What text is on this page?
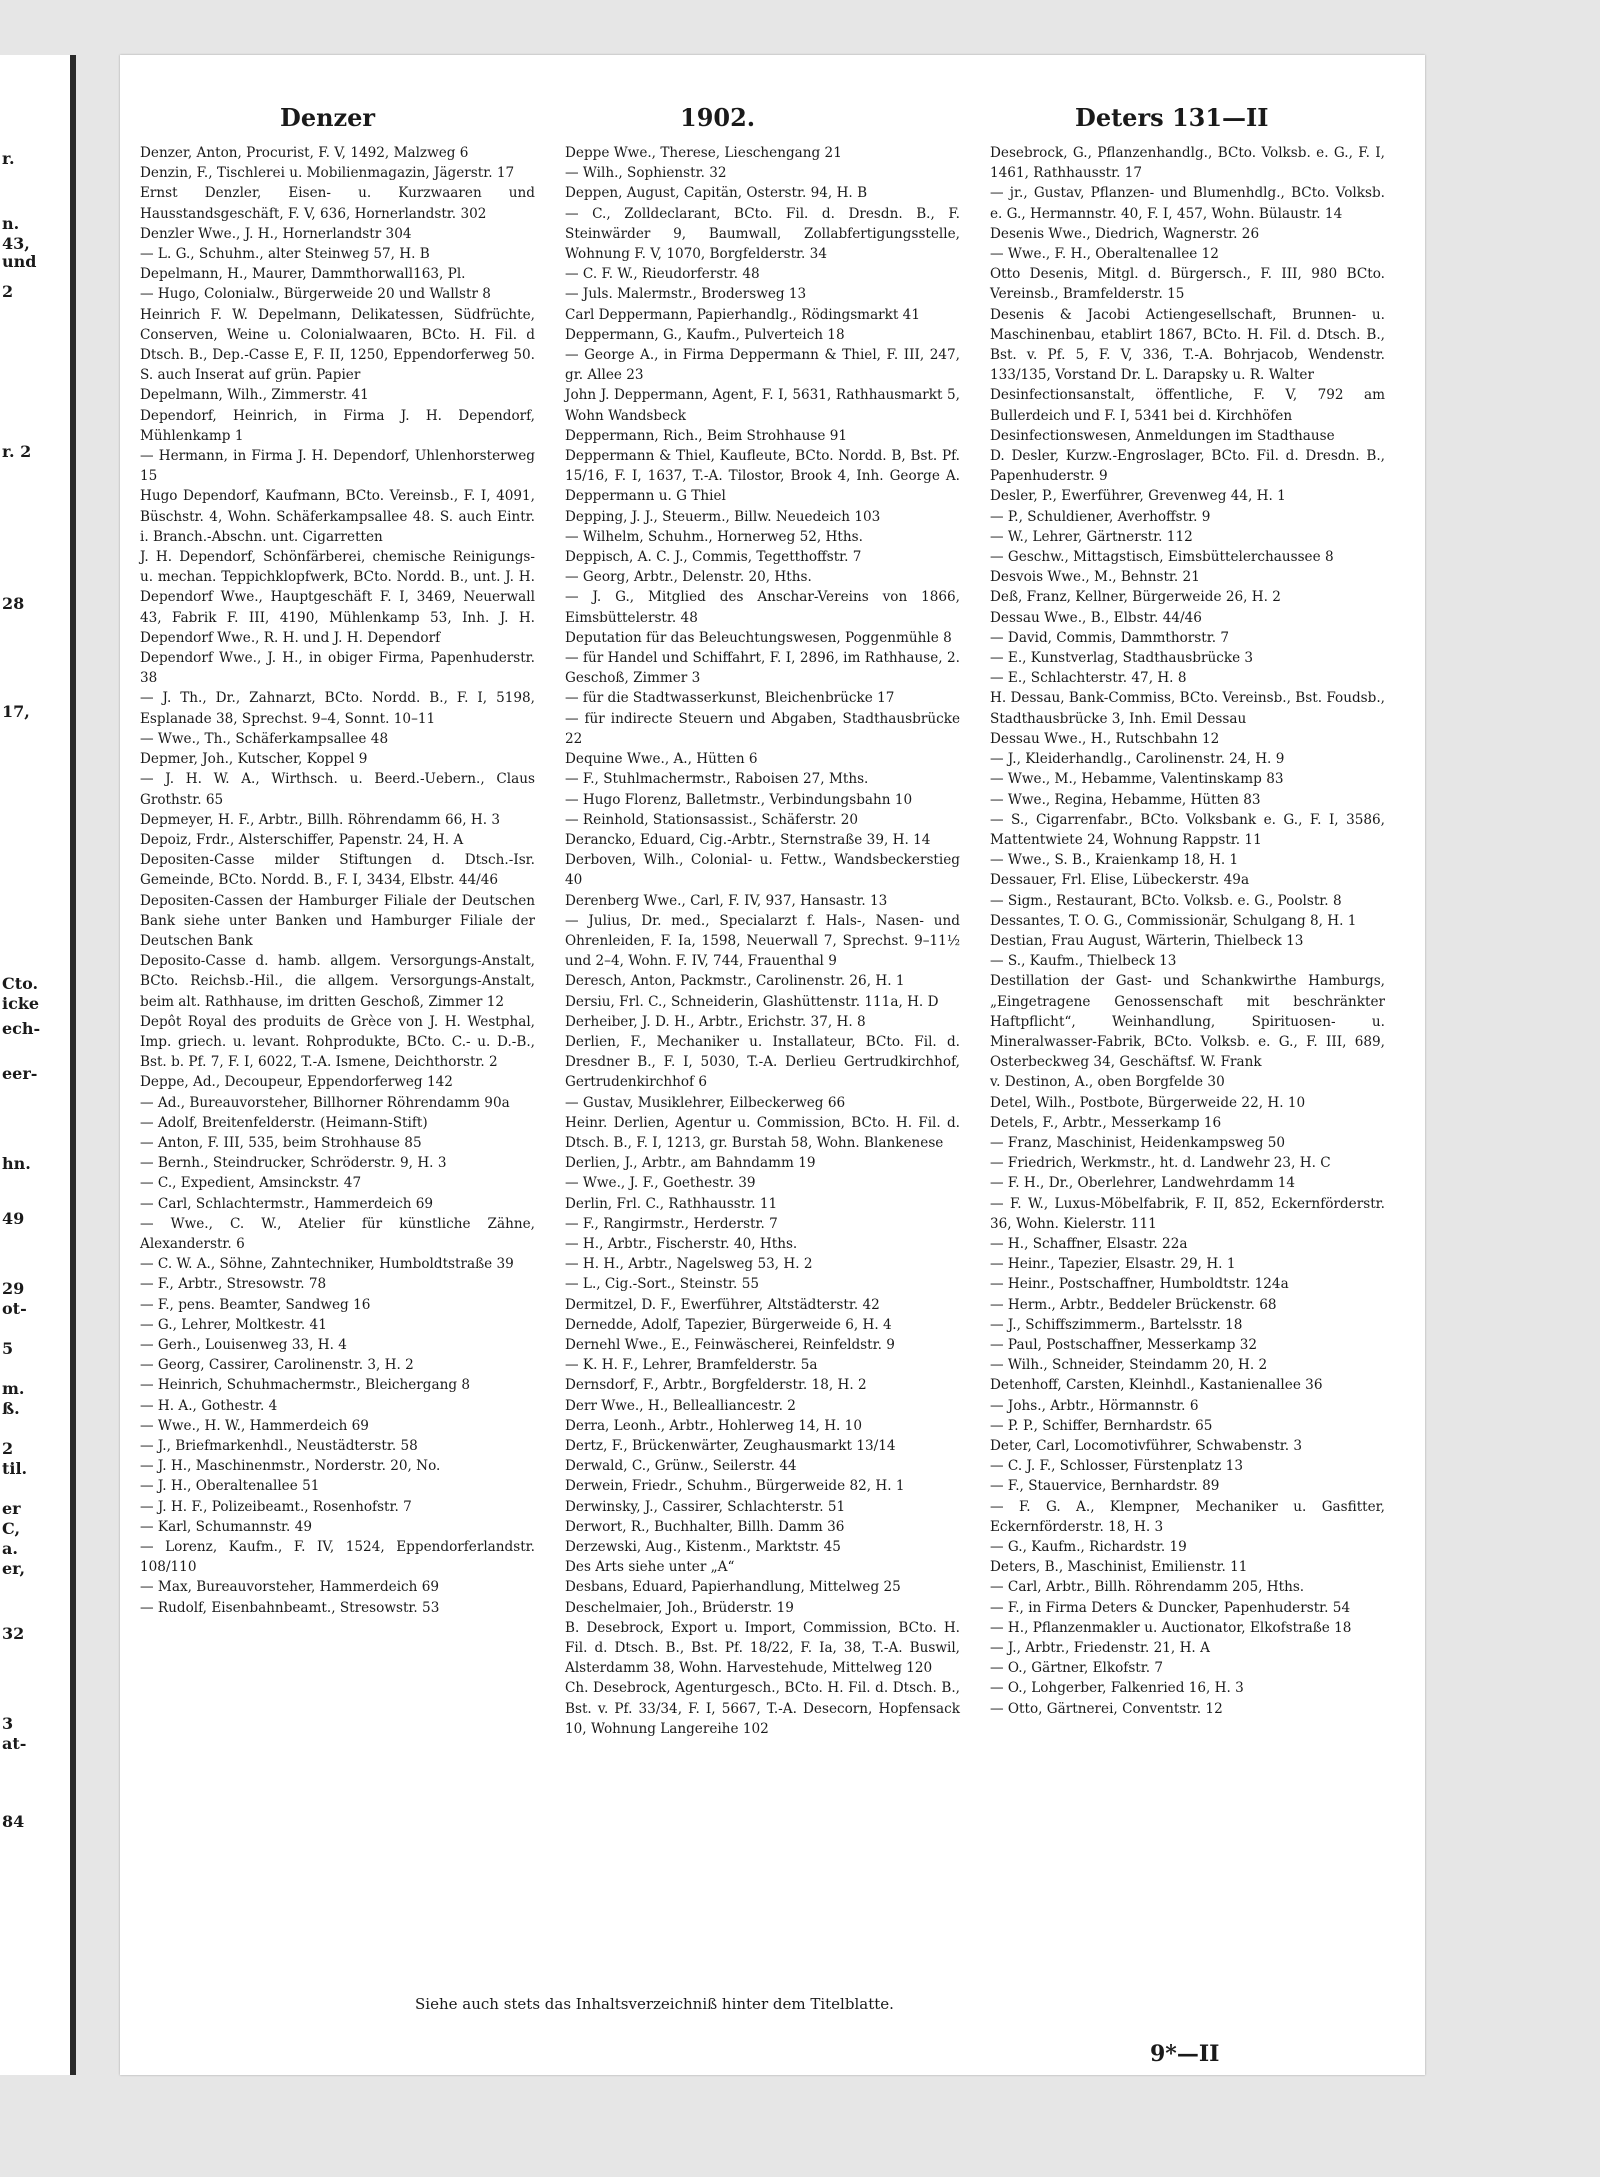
r.
n.
43,
und
2
r. 2
28
17,
Cto.
icke
ech-
eer-
hn.
49
29
ot-
5
m.
ß.
2
til.
er
C,
a.
er,
32
3
at-
84
Denzer	1902.	Deters 131—II

Denzer, Anton, Procurist, F. V, 1492, Malzweg 6

Denzin, F., Tischlerei u. Mobilienmagazin, Jägerstr. 17

Ernst Denzler, Eisen- u. Kurzwaaren und Hausstandsgeschäft, F. V, 636, Hornerlandstr. 302

Denzler Wwe., J. H., Hornerlandstr 304

— L. G., Schuhm., alter Steinweg 57, H. B

Depelmann, H., Maurer, Dammthorwall163, Pl.

— Hugo, Colonialw., Bürgerweide 20 und Wallstr 8

Heinrich F. W. Depelmann, Delikatessen, Südfrüchte, Conserven, Weine u. Colonialwaaren, BCto. H. Fil. d Dtsch. B., Dep.-Casse E, F. II, 1250, Eppendorferweg 50. S. auch Inserat auf grün. Papier

Depelmann, Wilh., Zimmerstr. 41

Dependorf, Heinrich, in Firma J. H. Dependorf, Mühlenkamp 1

— Hermann, in Firma J. H. Dependorf, Uhlenhorsterweg 15

Hugo Dependorf, Kaufmann, BCto. Vereinsb., F. I, 4091, Büschstr. 4, Wohn. Schäferkampsallee 48. S. auch Eintr. i. Branch.-Abschn. unt. Cigarretten

J. H. Dependorf, Schönfärberei, chemische Reinigungs- u. mechan. Teppichklopfwerk, BCto. Nordd. B., unt. J. H. Dependorf Wwe., Hauptgeschäft F. I, 3469, Neuerwall 43, Fabrik F. III, 4190, Mühlenkamp 53, Inh. J. H. Dependorf Wwe., R. H. und J. H. Dependorf

Dependorf Wwe., J. H., in obiger Firma, Papenhuderstr. 38

— J. Th., Dr., Zahnarzt, BCto. Nordd. B., F. I, 5198, Esplanade 38, Sprechst. 9–4, Sonnt. 10–11

— Wwe., Th., Schäferkampsallee 48

Depmer, Joh., Kutscher, Koppel 9

— J. H. W. A., Wirthsch. u. Beerd.-Uebern., Claus Grothstr. 65

Depmeyer, H. F., Arbtr., Billh. Röhrendamm 66, H. 3

Depoiz, Frdr., Alsterschiffer, Papenstr. 24, H. A

Depositen-Casse milder Stiftungen d. Dtsch.-Isr. Gemeinde, BCto. Nordd. B., F. I, 3434, Elbstr. 44/46

Depositen-Cassen der Hamburger Filiale der Deutschen Bank siehe unter Banken und Hamburger Filiale der Deutschen Bank

Deposito-Casse d. hamb. allgem. Versorgungs-Anstalt, BCto. Reichsb.-Hil., die allgem. Versorgungs-Anstalt, beim alt. Rathhause, im dritten Geschoß, Zimmer 12

Depôt Royal des produits de Grèce von J. H. Westphal, Imp. griech. u. levant. Rohprodukte, BCto. C.- u. D.-B., Bst. b. Pf. 7, F. I, 6022, T.-A. Ismene, Deichthorstr. 2

Deppe, Ad., Decoupeur, Eppendorferweg 142

— Ad., Bureauvorsteher, Billhorner Röhrendamm 90a

— Adolf, Breitenfelderstr. (Heimann-Stift)

— Anton, F. III, 535, beim Strohhause 85

— Bernh., Steindrucker, Schröderstr. 9, H. 3

— C., Expedient, Amsinckstr. 47

— Carl, Schlachtermstr., Hammerdeich 69

— Wwe., C. W., Atelier für künstliche Zähne, Alexanderstr. 6

— C. W. A., Söhne, Zahntechniker, Humboldtstraße 39

— F., Arbtr., Stresowstr. 78

— F., pens. Beamter, Sandweg 16

— G., Lehrer, Moltkestr. 41

— Gerh., Louisenweg 33, H. 4

— Georg, Cassirer, Carolinenstr. 3, H. 2

— Heinrich, Schuhmachermstr., Bleichergang 8

— H. A., Gothestr. 4

— Wwe., H. W., Hammerdeich 69

— J., Briefmarkenhdl., Neustädterstr. 58

— J. H., Maschinenmstr., Norderstr. 20, No.

— J. H., Oberaltenallee 51

— J. H. F., Polizeibeamt., Rosenhofstr. 7

— Karl, Schumannstr. 49

— Lorenz, Kaufm., F. IV, 1524, Eppendorferlandstr. 108/110

— Max, Bureauvorsteher, Hammerdeich 69

— Rudolf, Eisenbahnbeamt., Stresowstr. 53

Deppe Wwe., Therese, Lieschengang 21

— Wilh., Sophienstr. 32

Deppen, August, Capitän, Osterstr. 94, H. B

— C., Zolldeclarant, BCto. Fil. d. Dresdn. B., F. Steinwärder 9, Baumwall, Zollabfertigungsstelle, Wohnung F. V, 1070, Borgfelderstr. 34

— C. F. W., Rieudorferstr. 48

— Juls. Malermstr., Brodersweg 13

Carl Deppermann, Papierhandlg., Rödingsmarkt 41

Deppermann, G., Kaufm., Pulverteich 18

— George A., in Firma Deppermann & Thiel, F. III, 247, gr. Allee 23

John J. Deppermann, Agent, F. I, 5631, Rathhausmarkt 5, Wohn Wandsbeck

Deppermann, Rich., Beim Strohhause 91

Deppermann & Thiel, Kaufleute, BCto. Nordd. B, Bst. Pf. 15/16, F. I, 1637, T.-A. Tilostor, Brook 4, Inh. George A. Deppermann u. G Thiel

Depping, J. J., Steuerm., Billw. Neuedeich 103

— Wilhelm, Schuhm., Hornerweg 52, Hths.

Deppisch, A. C. J., Commis, Tegetthoffstr. 7

— Georg, Arbtr., Delenstr. 20, Hths.

— J. G., Mitglied des Anschar-Vereins von 1866, Eimsbüttelerstr. 48

Deputation für das Beleuchtungswesen, Poggenmühle 8

— für Handel und Schiffahrt, F. I, 2896, im Rathhause, 2. Geschoß, Zimmer 3

— für die Stadtwasserkunst, Bleichenbrücke 17

— für indirecte Steuern und Abgaben, Stadthausbrücke 22

Dequine Wwe., A., Hütten 6

— F., Stuhlmachermstr., Raboisen 27, Mths.

— Hugo Florenz, Balletmstr., Verbindungsbahn 10

— Reinhold, Stationsassist., Schäferstr. 20

Derancko, Eduard, Cig.-Arbtr., Sternstraße 39, H. 14

Derboven, Wilh., Colonial- u. Fettw., Wandsbeckerstieg 40

Derenberg Wwe., Carl, F. IV, 937, Hansastr. 13

— Julius, Dr. med., Specialarzt f. Hals-, Nasen- und Ohrenleiden, F. Ia, 1598, Neuerwall 7, Sprechst. 9–11½ und 2–4, Wohn. F. IV, 744, Frauenthal 9

Deresch, Anton, Packmstr., Carolinenstr. 26, H. 1

Dersiu, Frl. C., Schneiderin, Glashüttenstr. 111a, H. D

Derheiber, J. D. H., Arbtr., Erichstr. 37, H. 8

Derlien, F., Mechaniker u. Installateur, BCto. Fil. d. Dresdner B., F. I, 5030, T.-A. Derlieu Gertrudkirchhof, Gertrudenkirchhof 6

— Gustav, Musiklehrer, Eilbeckerweg 66

Heinr. Derlien, Agentur u. Commission, BCto. H. Fil. d. Dtsch. B., F. I, 1213, gr. Burstah 58, Wohn. Blankenese

Derlien, J., Arbtr., am Bahndamm 19

— Wwe., J. F., Goethestr. 39

Derlin, Frl. C., Rathhausstr. 11

— F., Rangirmstr., Herderstr. 7

— H., Arbtr., Fischerstr. 40, Hths.

— H. H., Arbtr., Nagelsweg 53, H. 2

— L., Cig.-Sort., Steinstr. 55

Dermitzel, D. F., Ewerführer, Altstädterstr. 42

Dernedde, Adolf, Tapezier, Bürgerweide 6, H. 4

Dernehl Wwe., E., Feinwäscherei, Reinfeldstr. 9

— K. H. F., Lehrer, Bramfelderstr. 5a

Dernsdorf, F., Arbtr., Borgfelderstr. 18, H. 2

Derr Wwe., H., Bellealliancestr. 2

Derra, Leonh., Arbtr., Hohlerweg 14, H. 10

Dertz, F., Brückenwärter, Zeughausmarkt 13/14

Derwald, C., Grünw., Seilerstr. 44

Derwein, Friedr., Schuhm., Bürgerweide 82, H. 1

Derwinsky, J., Cassirer, Schlachterstr. 51

Derwort, R., Buchhalter, Billh. Damm 36

Derzewski, Aug., Kistenm., Marktstr. 45

Des Arts siehe unter „A“

Desbans, Eduard, Papierhandlung, Mittelweg 25

Deschelmaier, Joh., Brüderstr. 19

B. Desebrock, Export u. Import, Commission, BCto. H. Fil. d. Dtsch. B., Bst. Pf. 18/22, F. Ia, 38, T.-A. Buswil, Alsterdamm 38, Wohn. Harvestehude, Mittelweg 120

Ch. Desebrock, Agenturgesch., BCto. H. Fil. d. Dtsch. B., Bst. v. Pf. 33/34, F. I, 5667, T.-A. Desecorn, Hopfensack 10, Wohnung Langereihe 102

Desebrock, G., Pflanzenhandlg., BCto. Volksb. e. G., F. I, 1461, Rathhausstr. 17

— jr., Gustav, Pflanzen- und Blumenhdlg., BCto. Volksb. e. G., Hermannstr. 40, F. I, 457, Wohn. Bülaustr. 14

Desenis Wwe., Diedrich, Wagnerstr. 26

— Wwe., F. H., Oberaltenallee 12

Otto Desenis, Mitgl. d. Bürgersch., F. III, 980 BCto. Vereinsb., Bramfelderstr. 15

Desenis & Jacobi Actiengesellschaft, Brunnen- u. Maschinenbau, etablirt 1867, BCto. H. Fil. d. Dtsch. B., Bst. v. Pf. 5, F. V, 336, T.-A. Bohrjacob, Wendenstr. 133/135, Vorstand Dr. L. Darapsky u. R. Walter

Desinfectionsanstalt, öffentliche, F. V, 792 am Bullerdeich und F. I, 5341 bei d. Kirchhöfen

Desinfectionswesen, Anmeldungen im Stadthause

D. Desler, Kurzw.-Engroslager, BCto. Fil. d. Dresdn. B., Papenhuderstr. 9

Desler, P., Ewerführer, Grevenweg 44, H. 1

— P., Schuldiener, Averhoffstr. 9

— W., Lehrer, Gärtnerstr. 112

— Geschw., Mittagstisch, Eimsbüttelerchaussee 8

Desvois Wwe., M., Behnstr. 21

Deß, Franz, Kellner, Bürgerweide 26, H. 2

Dessau Wwe., B., Elbstr. 44/46

— David, Commis, Dammthorstr. 7

— E., Kunstverlag, Stadthausbrücke 3

— E., Schlachterstr. 47, H. 8

H. Dessau, Bank-Commiss, BCto. Vereinsb., Bst. Foudsb., Stadthausbrücke 3, Inh. Emil Dessau

Dessau Wwe., H., Rutschbahn 12

— J., Kleiderhandlg., Carolinenstr. 24, H. 9

— Wwe., M., Hebamme, Valentinskamp 83

— Wwe., Regina, Hebamme, Hütten 83

— S., Cigarrenfabr., BCto. Volksbank e. G., F. I, 3586, Mattentwiete 24, Wohnung Rappstr. 11

— Wwe., S. B., Kraienkamp 18, H. 1

Dessauer, Frl. Elise, Lübeckerstr. 49a

— Sigm., Restaurant, BCto. Volksb. e. G., Poolstr. 8

Dessantes, T. O. G., Commissionär, Schulgang 8, H. 1

Destian, Frau August, Wärterin, Thielbeck 13

— S., Kaufm., Thielbeck 13

Destillation der Gast- und Schankwirthe Hamburgs, „Eingetragene Genossenschaft mit beschränkter Haftpflicht“, Weinhandlung, Spirituosen- u. Mineralwasser-Fabrik, BCto. Volksb. e. G., F. III, 689, Osterbeckweg 34, Geschäftsf. W. Frank

v. Destinon, A., oben Borgfelde 30

Detel, Wilh., Postbote, Bürgerweide 22, H. 10

Detels, F., Arbtr., Messerkamp 16

— Franz, Maschinist, Heidenkampsweg 50

— Friedrich, Werkmstr., ht. d. Landwehr 23, H. C

— F. H., Dr., Oberlehrer, Landwehrdamm 14

— F. W., Luxus-Möbelfabrik, F. II, 852, Eckernförderstr. 36, Wohn. Kielerstr. 111

— H., Schaffner, Elsastr. 22a

— Heinr., Tapezier, Elsastr. 29, H. 1

— Heinr., Postschaffner, Humboldtstr. 124a

— Herm., Arbtr., Beddeler Brückenstr. 68

— J., Schiffszimmerm., Bartelsstr. 18

— Paul, Postschaffner, Messerkamp 32

— Wilh., Schneider, Steindamm 20, H. 2

Detenhoff, Carsten, Kleinhdl., Kastanienallee 36

— Johs., Arbtr., Hörmannstr. 6

— P. P., Schiffer, Bernhardstr. 65

Deter, Carl, Locomotivführer, Schwabenstr. 3

— C. J. F., Schlosser, Fürstenplatz 13

— F., Stauervice, Bernhardstr. 89

— F. G. A., Klempner, Mechaniker u. Gasfitter, Eckernförderstr. 18, H. 3

— G., Kaufm., Richardstr. 19

Deters, B., Maschinist, Emilienstr. 11

— Carl, Arbtr., Billh. Röhrendamm 205, Hths.

— F., in Firma Deters & Duncker, Papenhuderstr. 54

— H., Pflanzenmakler u. Auctionator, Elkofstraße 18

— J., Arbtr., Friedenstr. 21, H. A

— O., Gärtner, Elkofstr. 7

— O., Lohgerber, Falkenried 16, H. 3

— Otto, Gärtnerei, Conventstr. 12

Siehe auch stets das Inhaltsverzeichniß hinter dem Titelblatte.
9*—II
